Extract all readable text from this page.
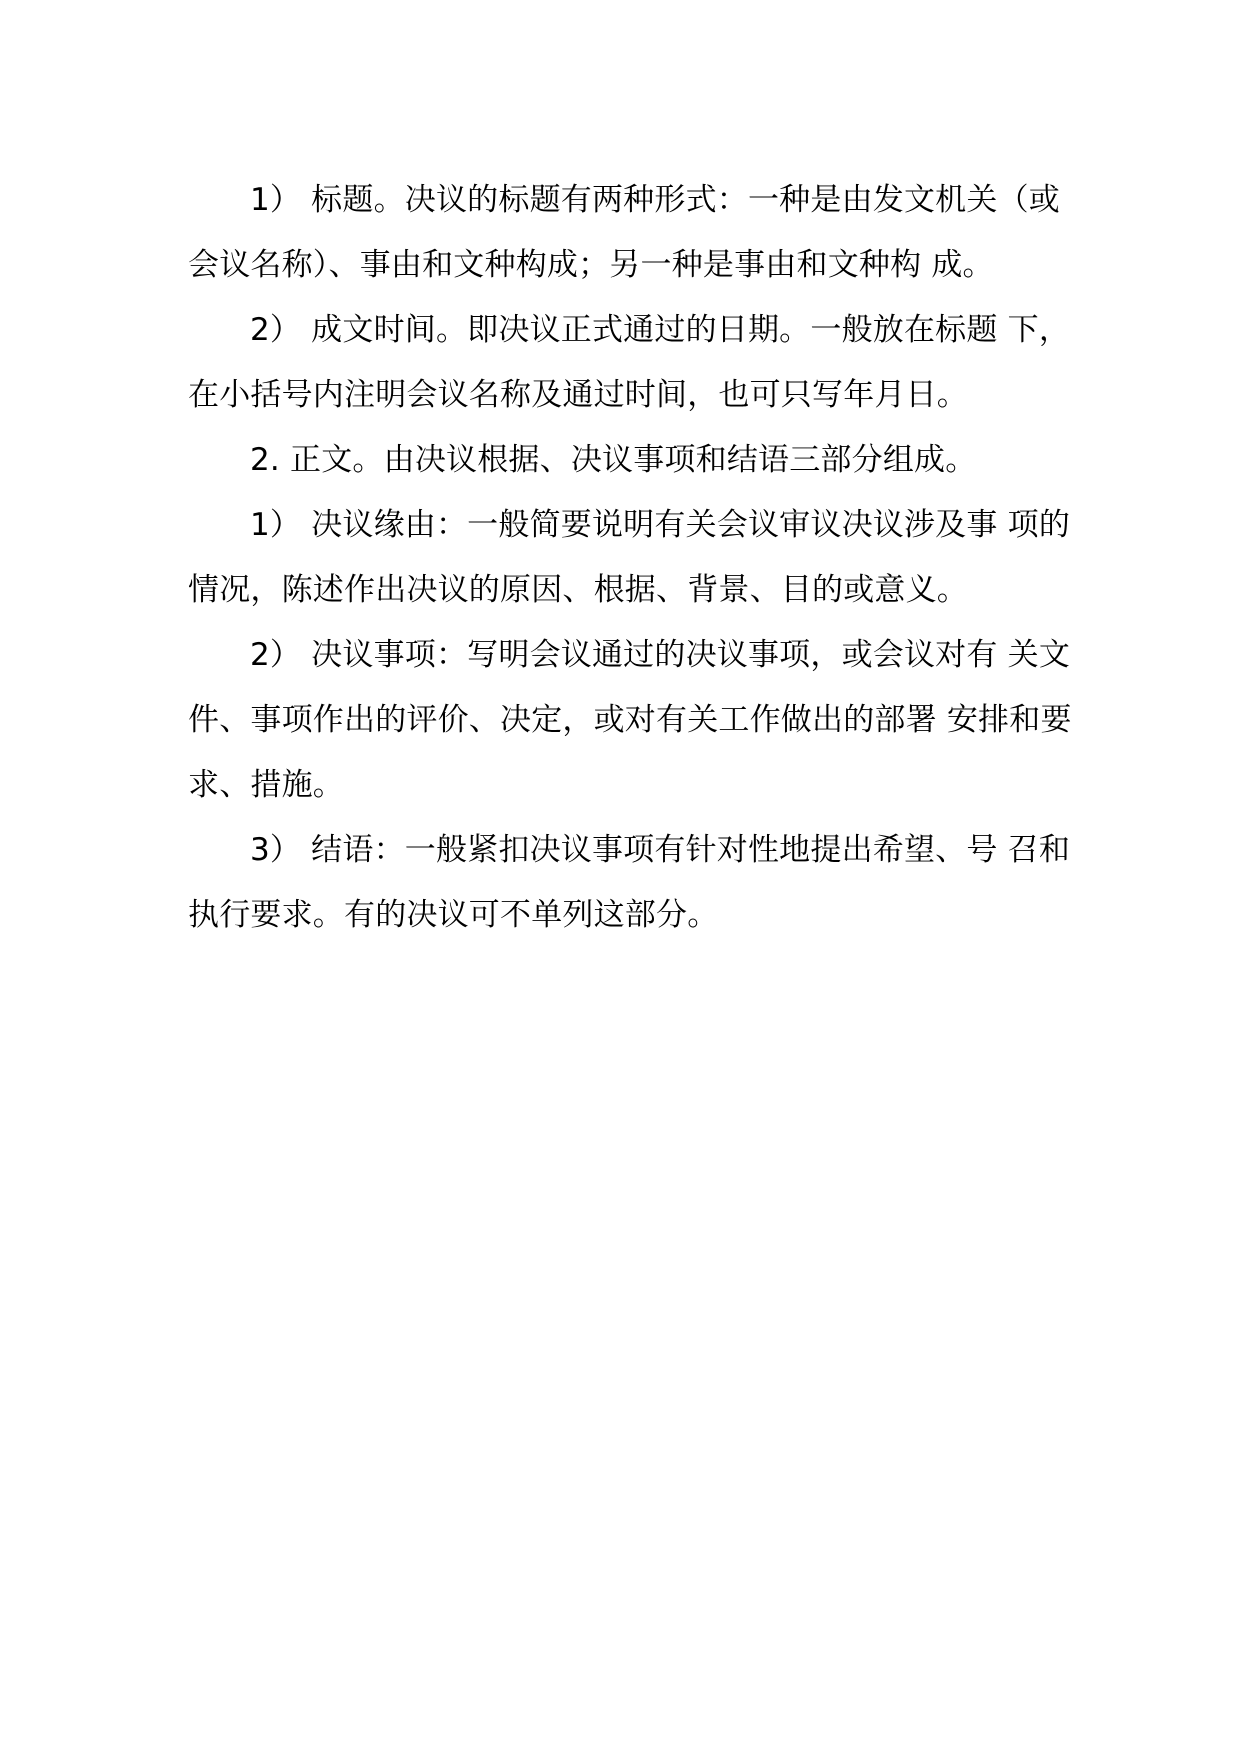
1） 标题。决议的标题有两种形式：一种是由发文机关（或会议名称）、事由和文种构成；另一种是事由和文种构 成。

2） 成文时间。即决议正式通过的日期。一般放在标题 下，在小括号内注明会议名称及通过时间，也可只写年月日。

2. 正文。由决议根据、决议事项和结语三部分组成。

1） 决议缘由：一般简要说明有关会议审议决议涉及事 项的情况，陈述作出决议的原因、根据、背景、目的或意义。

2） 决议事项：写明会议通过的决议事项，或会议对有 关文件、事项作出的评价、决定，或对有关工作做出的部署 安排和要求、措施。

3） 结语：一般紧扣决议事项有针对性地提出希望、号 召和执行要求。有的决议可不单列这部分。
